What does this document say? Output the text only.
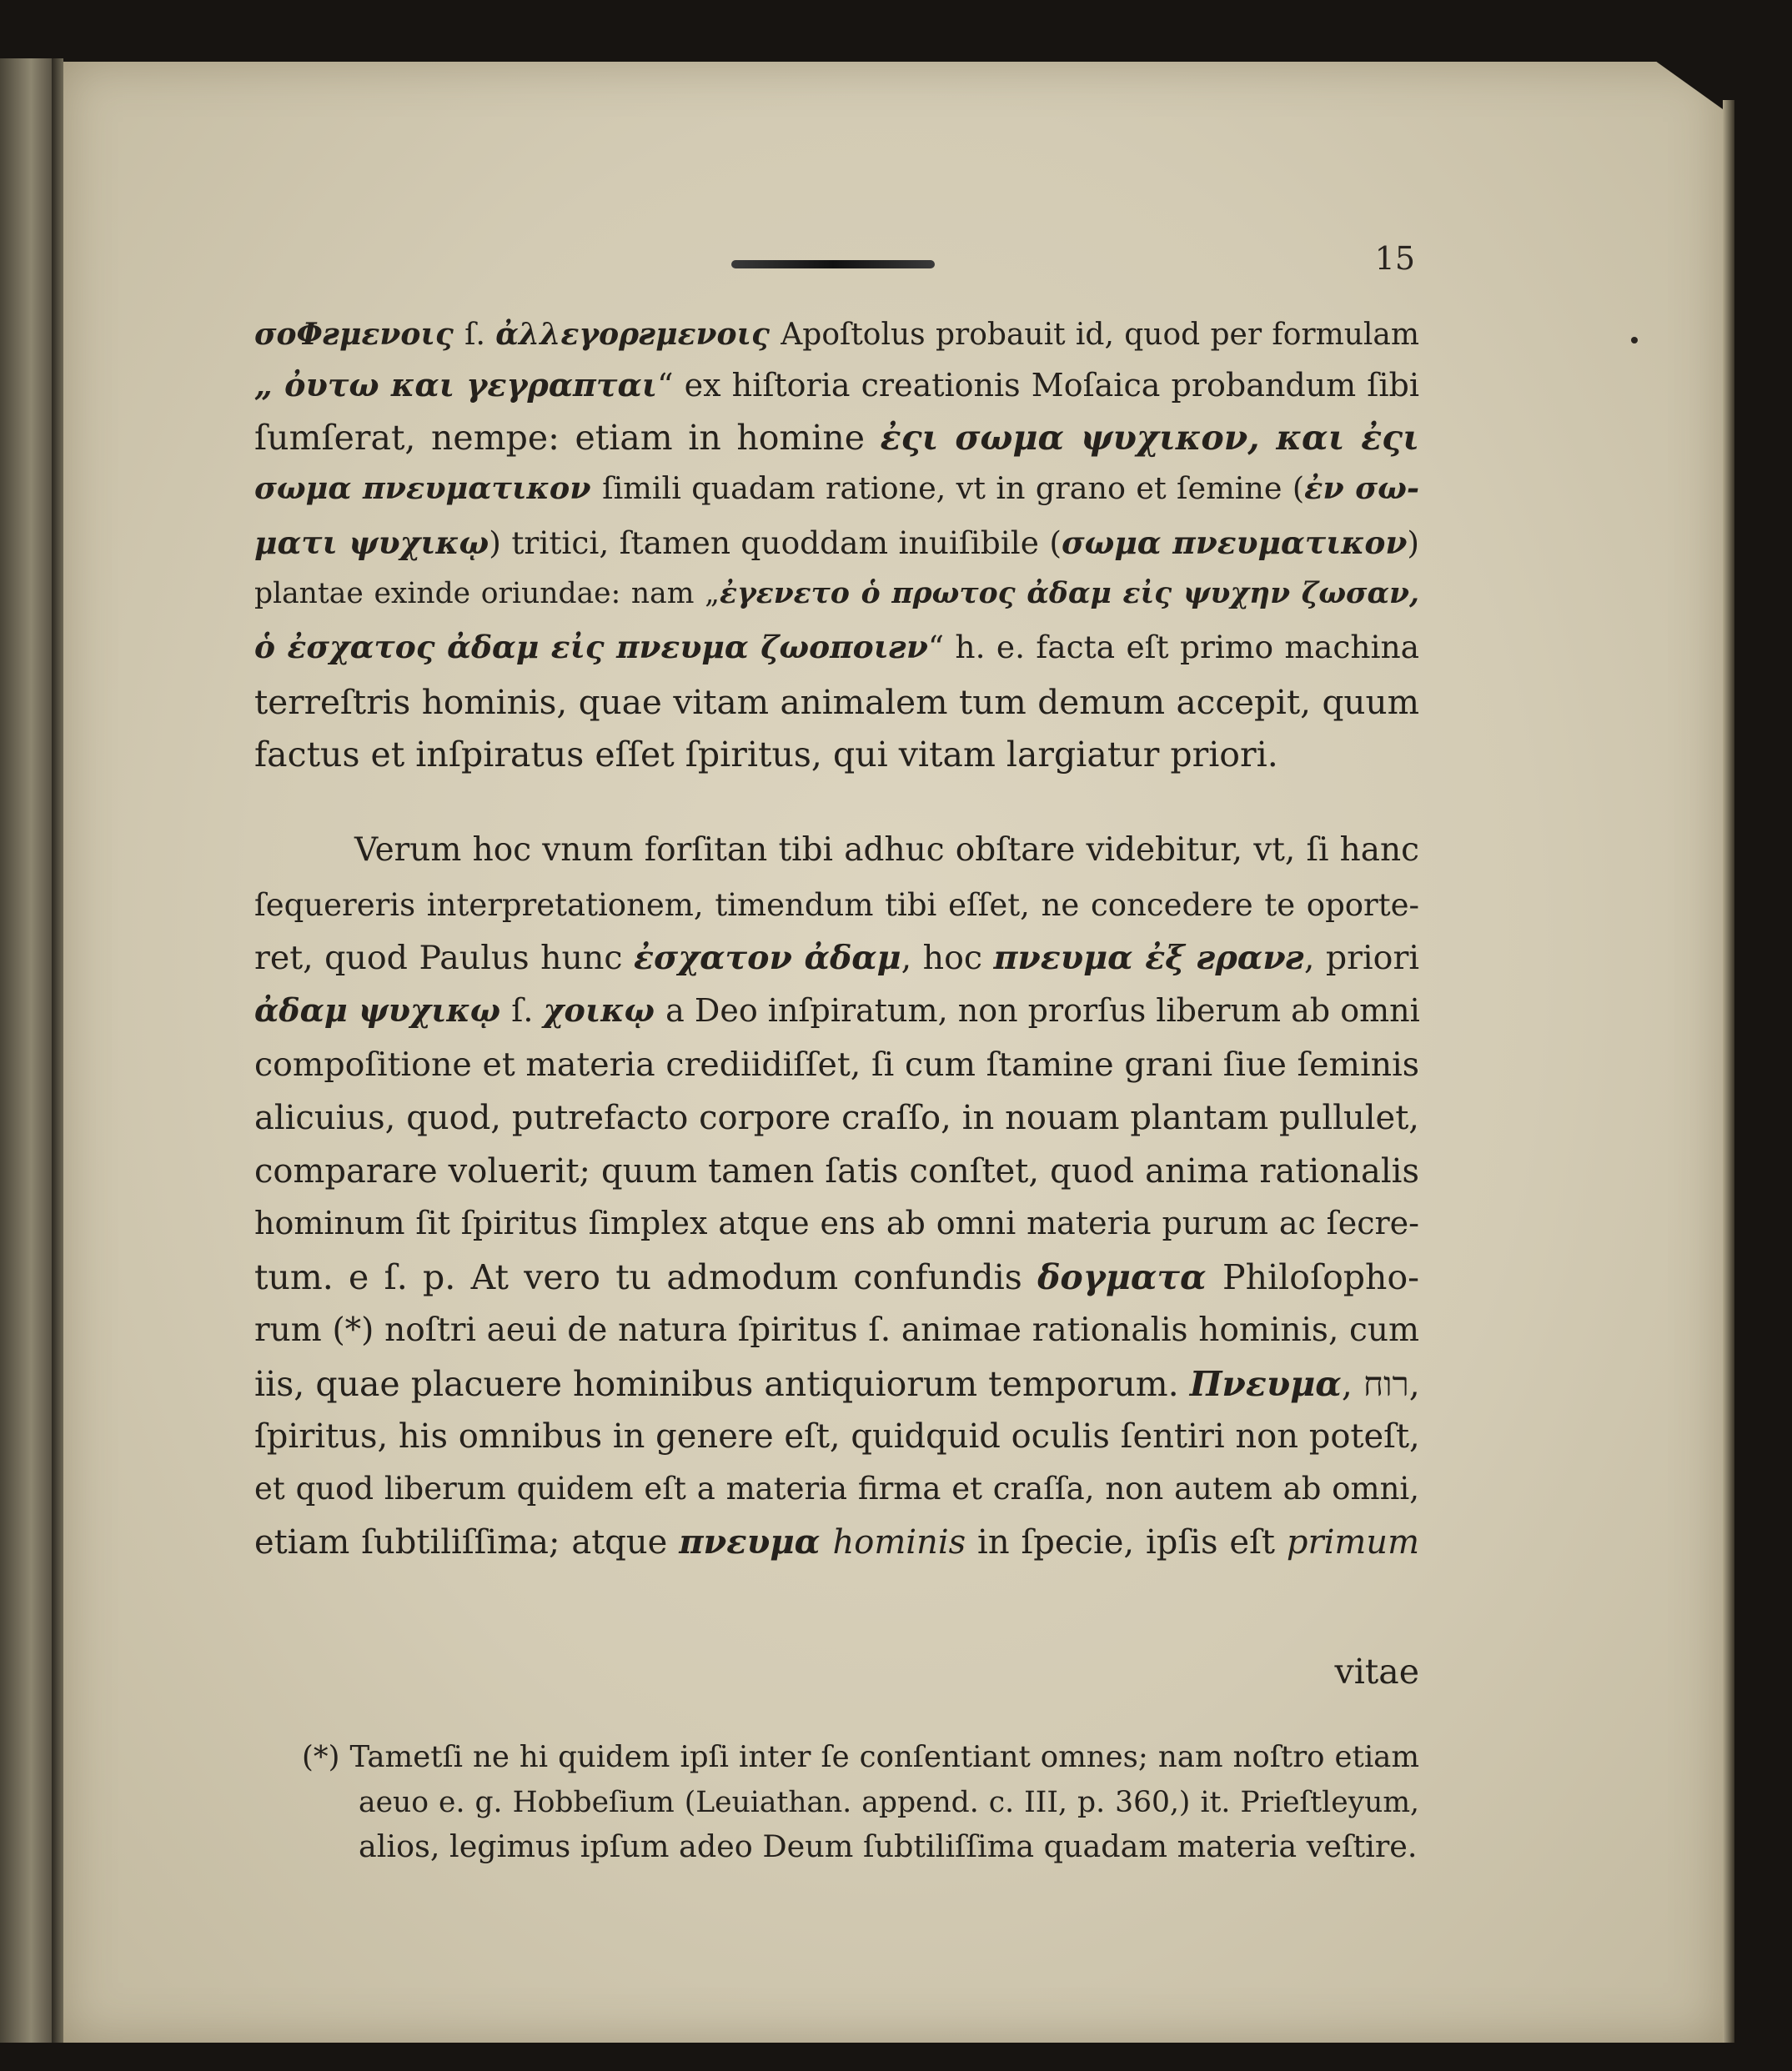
15
σοΦƨμενοις ſ. ἀλλεγορƨμενοις Apoſtolus probauit id, quod per formulam
„ ὀυτω και γεγραπται“ ex hiſtoria creationis Moſaica probandum ſibi
ſumſerat, nempe: etiam in homine ἐςι σωμα ψυχικον, και ἐςι
σωμα πνευματικον ſimili quadam ratione, vt in grano et ſemine (ἐν σω-
ματι ψυχικῳ) tritici, ſtamen quoddam inuiſibile (σωμα πνευματικον)
plantae exinde oriundae: nam „ἐγενετο ὁ πρωτος ἀδαμ εἰς ψυχην ζωσαν,
ὁ ἐσχατος ἀδαμ εἰς πνευμα ζωοποιƨν“ h. e. facta eſt primo machina
terreſtris hominis, quae vitam animalem tum demum accepit, quum
factus et inſpiratus eſſet ſpiritus, qui vitam largiatur priori.
Verum hoc vnum forſitan tibi adhuc obſtare videbitur, vt, ſi hanc
ſequereris interpretationem, timendum tibi eſſet, ne concedere te oporte-
ret, quod Paulus hunc ἐσχατον ἀδαμ, hoc πνευμα ἐξ ƨρανƨ, priori
ἀδαμ ψυχικῳ ſ. χοικῳ a Deo inſpiratum, non prorſus liberum ab omni
compoſitione et materia crediidiſſet, ſi cum ſtamine grani ſiue ſeminis
alicuius, quod, putrefacto corpore craſſo, in nouam plantam pullulet,
comparare voluerit; quum tamen ſatis conſtet, quod anima rationalis
hominum ſit ſpiritus ſimplex atque ens ab omni materia purum ac ſecre-
tum. e ſ. p. At vero tu admodum confundis δογματα Philoſopho-
rum (*) noſtri aeui de natura ſpiritus ſ. animae rationalis hominis, cum
iis, quae placuere hominibus antiquiorum temporum. Πνευμα, רוח,
ſpiritus, his omnibus in genere eſt, quidquid oculis ſentiri non poteſt,
et quod liberum quidem eſt a materia firma et craſſa, non autem ab omni,
etiam ſubtiliſſima; atque πνευμα hominis in ſpecie, ipſis eſt primum
vitae
(*) Tametſi ne hi quidem ipſi inter ſe conſentiant omnes; nam noſtro etiam
aeuo e. g. Hobbeſium (Leuiathan. append. c. III, p. 360,) it. Prieſtleyum,
alios, legimus ipſum adeo Deum ſubtiliſſima quadam materia veſtire.
